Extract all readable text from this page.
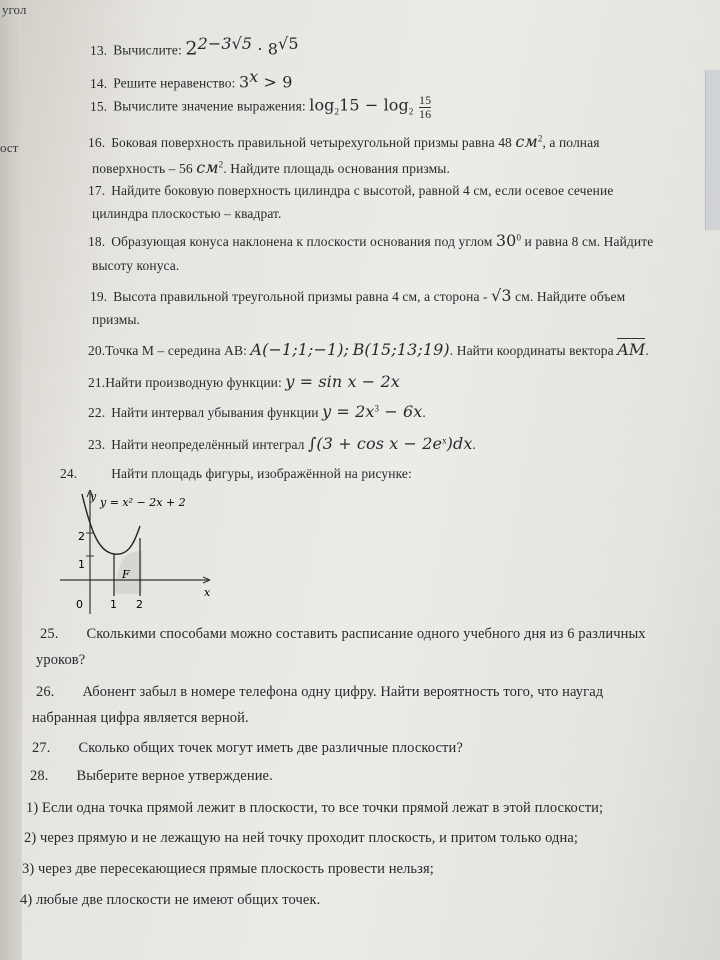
угол
ост
13. Вычислите: $2^{2-3√5} \cdot 8^{√5}$
14. Решите неравенство: $3^x > 9$
15. Вычислите значение выражения: $\log_215 - \log_2 \frac{15}{16}$
16. Боковая поверхность правильной четырехугольной призмы равна 48 $см^2$, а полная
поверхность – 56 $см^2$. Найдите площадь основания призмы.
17. Найдите боковую поверхность цилиндра с высотой, равной 4 см, если осевое сечение
цилиндра плоскостью – квадрат.
18. Образующая конуса наклонена к плоскости основания под углом $30^0$ и равна 8 см. Найдите
высоту конуса.
19. Высота правильной треугольной призмы равна 4 см, а сторона - √3 см. Найдите объем
призмы.
20.Точка М – середина АВ: A(−1;1;−1); B(15;13;19). Найти координаты вектора AM.
21.Найти производную функции: y = sin x − 2x
22. Найти интервал убывания функции $y = 2x^3 - 6x$.
23. Найти неопределённый интеграл $\int(3 + \cos x - 2e^x)dx$.
24.	Найти площадь фигуры, изображённой на рисунке:
y y = x² − 2x + 2
x
0 1 2
1
2
F
25. Сколькими способами можно составить расписание одного учебного дня из 6 различных
уроков?
26. Абонент забыл в номере телефона одну цифру. Найти вероятность того, что наугад
набранная цифра является верной.
27. Сколько общих точек могут иметь две различные плоскости?
28. Выберите верное утверждение.
1) Если одна точка прямой лежит в плоскости, то все точки прямой лежат в этой плоскости;
2) через прямую и не лежащую на ней точку проходит плоскость, и притом только одна;
3) через две пересекающиеся прямые плоскость провести нельзя;
4) любые две плоскости не имеют общих точек.
